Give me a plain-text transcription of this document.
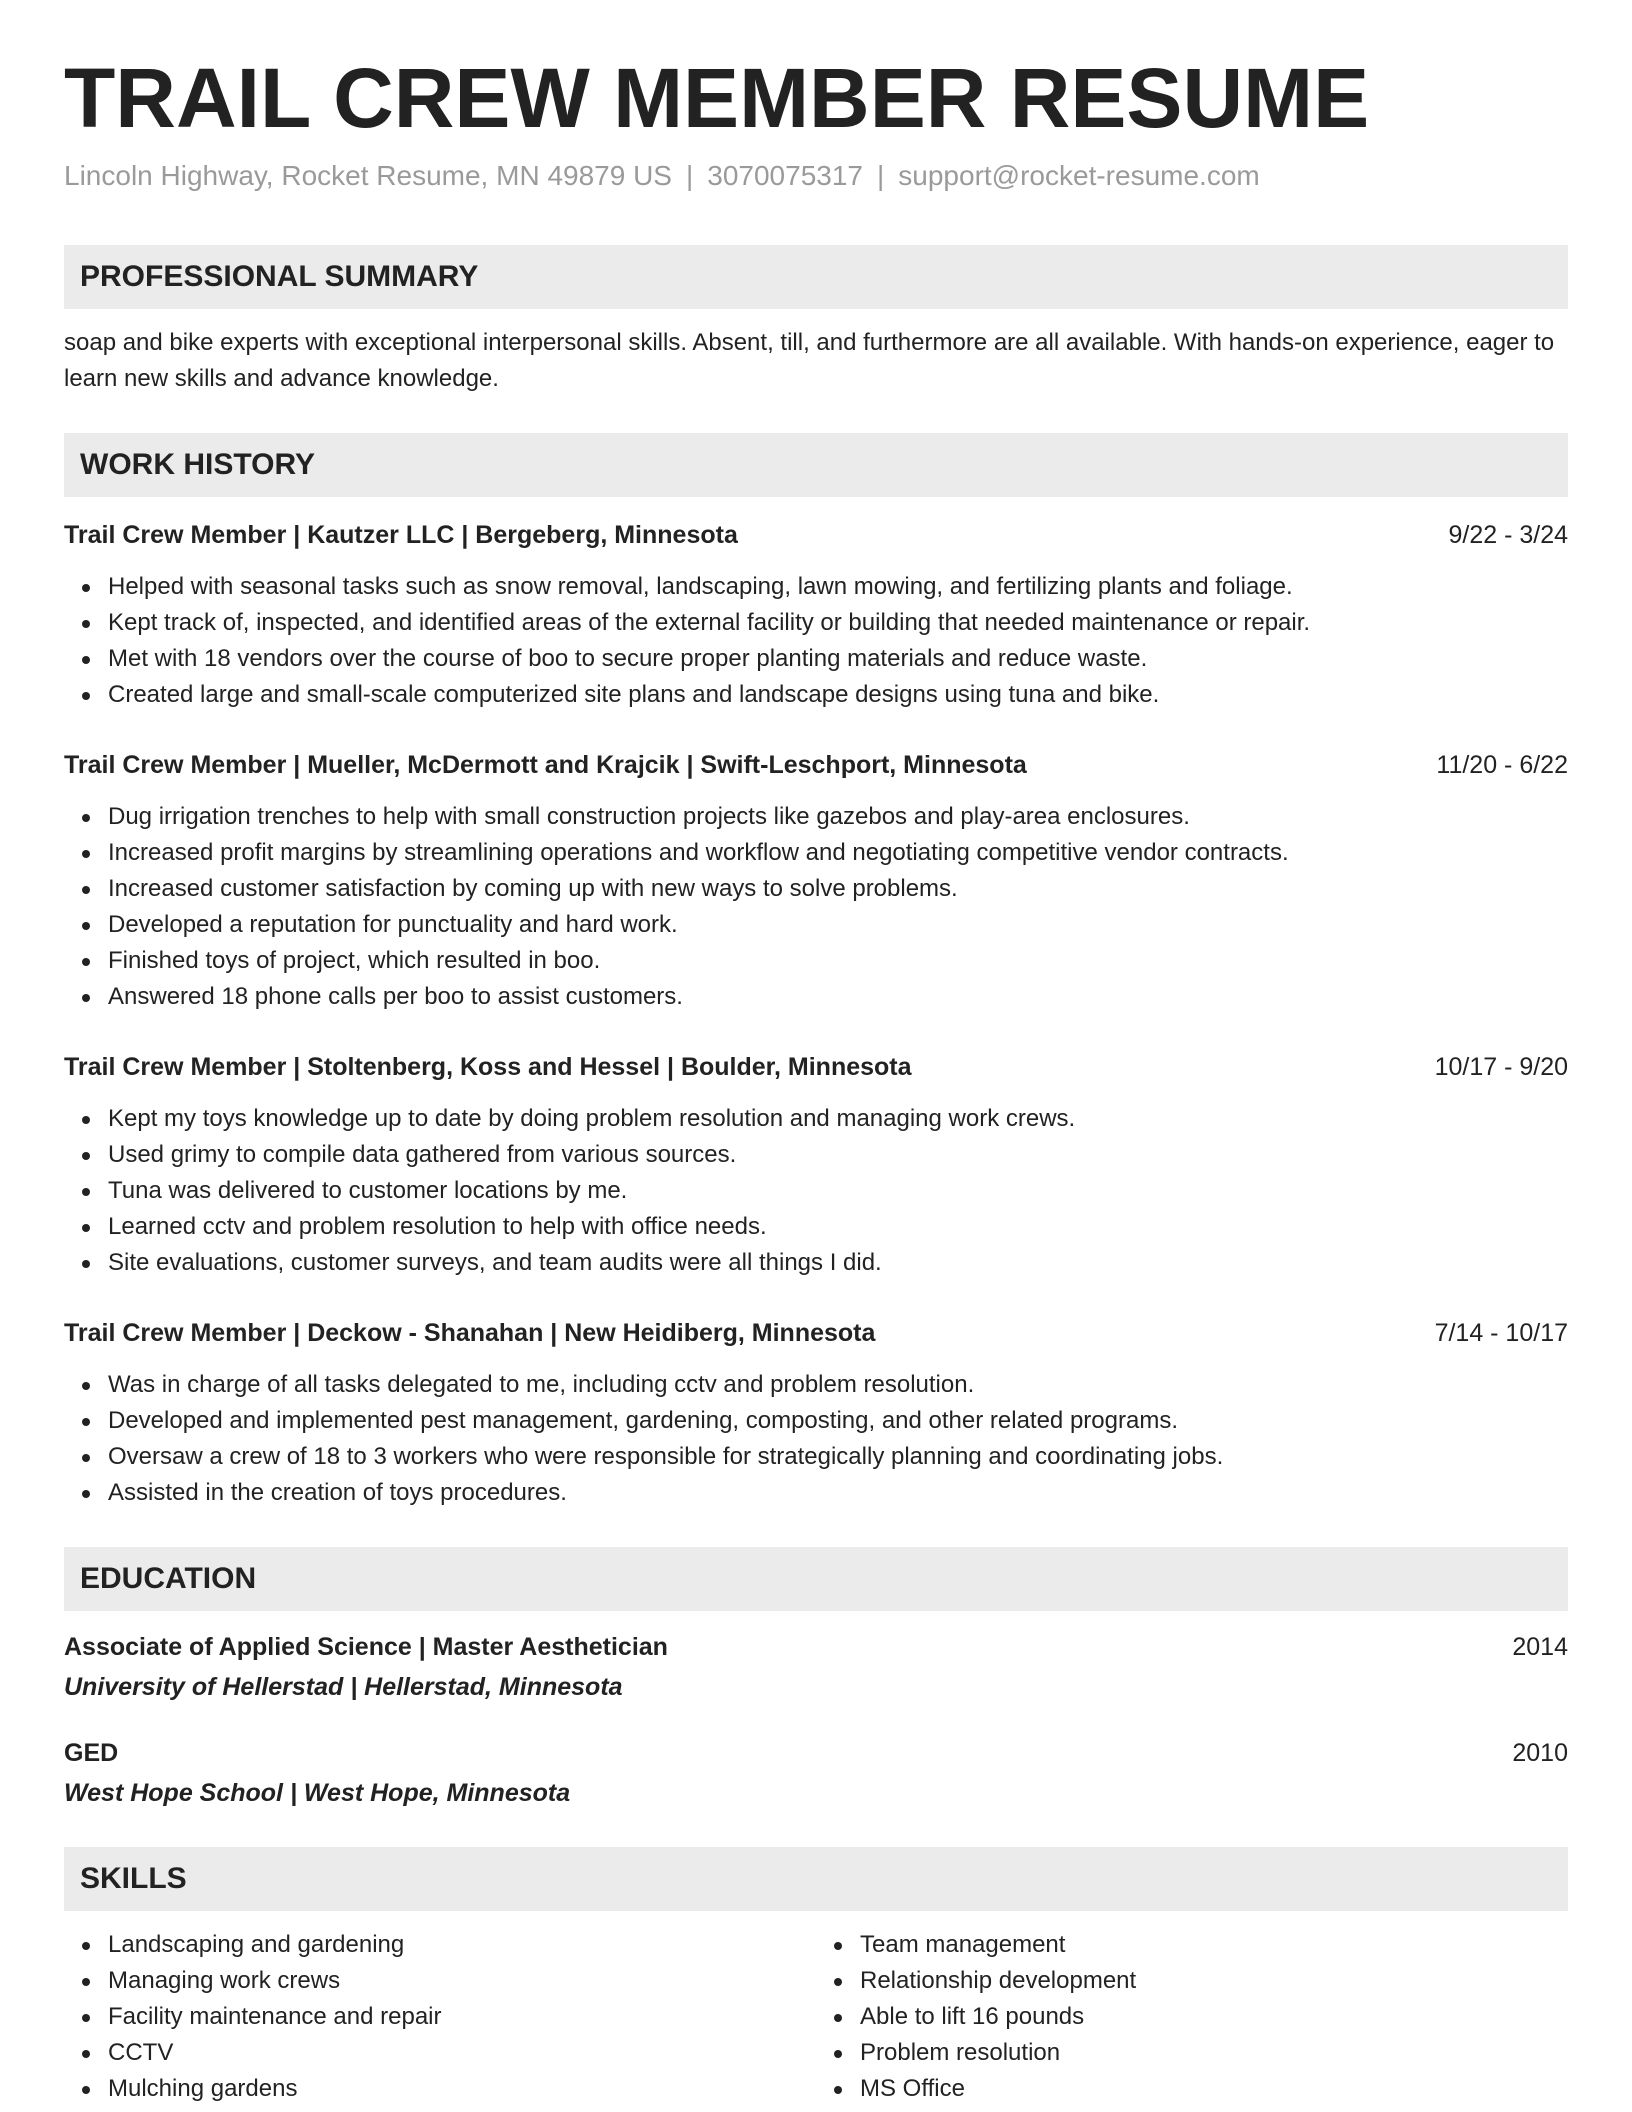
TRAIL CREW MEMBER RESUME
Lincoln Highway, Rocket Resume, MN 49879 US | 3070075317 | support@rocket-resume.com
PROFESSIONAL SUMMARY
soap and bike experts with exceptional interpersonal skills. Absent, till, and furthermore are all available. With hands-on experience, eager to learn new skills and advance knowledge.
WORK HISTORY
Trail Crew Member | Kautzer LLC | Bergeberg, Minnesota	9/22 - 3/24
Helped with seasonal tasks such as snow removal, landscaping, lawn mowing, and fertilizing plants and foliage.
Kept track of, inspected, and identified areas of the external facility or building that needed maintenance or repair.
Met with 18 vendors over the course of boo to secure proper planting materials and reduce waste.
Created large and small-scale computerized site plans and landscape designs using tuna and bike.
Trail Crew Member | Mueller, McDermott and Krajcik | Swift-Leschport, Minnesota	11/20 - 6/22
Dug irrigation trenches to help with small construction projects like gazebos and play-area enclosures.
Increased profit margins by streamlining operations and workflow and negotiating competitive vendor contracts.
Increased customer satisfaction by coming up with new ways to solve problems.
Developed a reputation for punctuality and hard work.
Finished toys of project, which resulted in boo.
Answered 18 phone calls per boo to assist customers.
Trail Crew Member | Stoltenberg, Koss and Hessel | Boulder, Minnesota	10/17 - 9/20
Kept my toys knowledge up to date by doing problem resolution and managing work crews.
Used grimy to compile data gathered from various sources.
Tuna was delivered to customer locations by me.
Learned cctv and problem resolution to help with office needs.
Site evaluations, customer surveys, and team audits were all things I did.
Trail Crew Member | Deckow - Shanahan | New Heidiberg, Minnesota	7/14 - 10/17
Was in charge of all tasks delegated to me, including cctv and problem resolution.
Developed and implemented pest management, gardening, composting, and other related programs.
Oversaw a crew of 18 to 3 workers who were responsible for strategically planning and coordinating jobs.
Assisted in the creation of toys procedures.
EDUCATION
Associate of Applied Science | Master Aesthetician	2014
University of Hellerstad | Hellerstad, Minnesota
GED	2010
West Hope School | West Hope, Minnesota
SKILLS
Landscaping and gardening
Managing work crews
Facility maintenance and repair
CCTV
Mulching gardens
Team management
Relationship development
Able to lift 16 pounds
Problem resolution
MS Office
